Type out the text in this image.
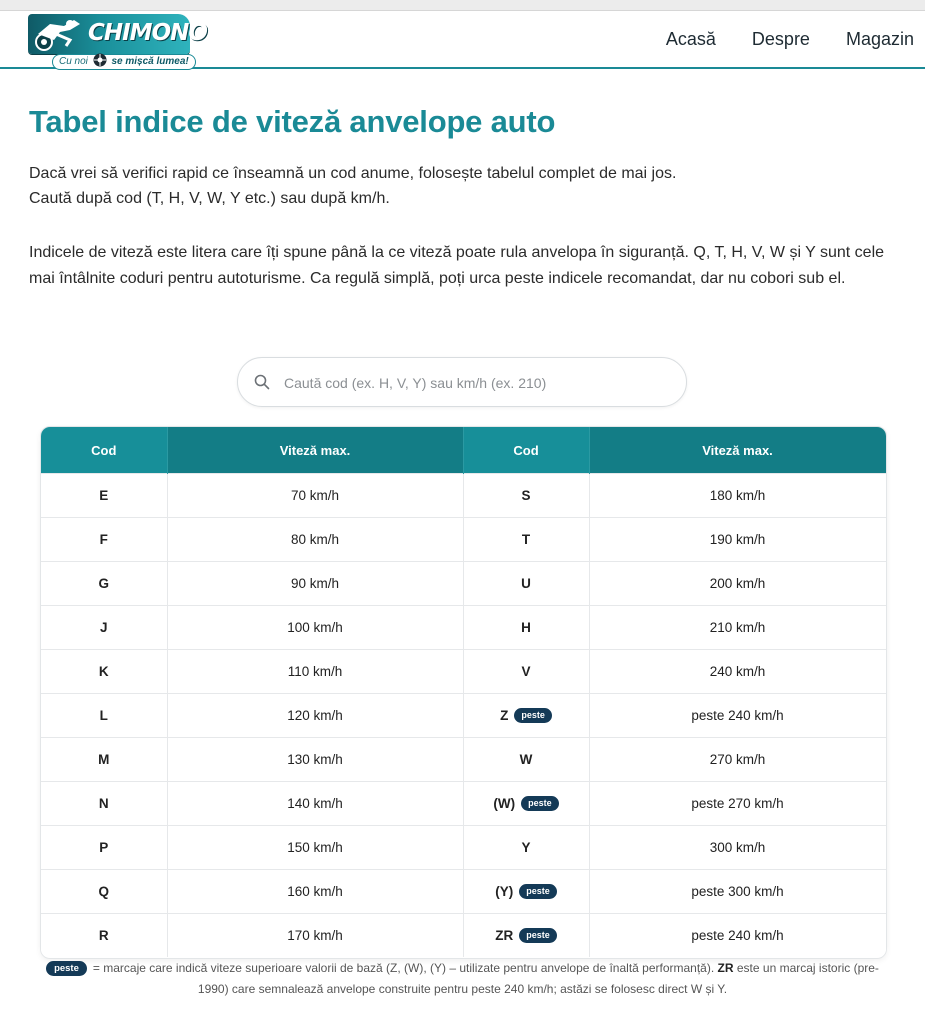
CHIMONO
Cu noi se mișcă lumea!
Acasă Despre Magazin
Tabel indice de viteză anvelope auto

Dacă vrei să verifici rapid ce înseamnă un cod anume, folosește tabelul complet de mai jos.

Caută după cod (T, H, V, W, Y etc.) sau după km/h.

Indicele de viteză este litera care îți spune până la ce viteză poate rula anvelopa în siguranță. Q, T, H, V, W și Y sunt cele mai întâlnite coduri pentru autoturisme. Ca regulă simplă, poți urca peste indicele recomandat, dar nu cobori sub el.

Caută cod (ex. H, V, Y) sau km/h (ex. 210)
Cod	Viteză max.	Cod	Viteză max.
E	70 km/h	S	180 km/h
F	80 km/h	T	190 km/h
G	90 km/h	U	200 km/h
J	100 km/h	H	210 km/h
K	110 km/h	V	240 km/h
L	120 km/h	Z peste	peste 240 km/h
M	130 km/h	W	270 km/h
N	140 km/h	(W) peste	peste 270 km/h
P	150 km/h	Y	300 km/h
Q	160 km/h	(Y) peste	peste 300 km/h
R	170 km/h	ZR peste	peste 240 km/h
peste = marcaje care indică viteze superioare valorii de bază (Z, (W), (Y) – utilizate pentru anvelope de înaltă performanță). ZR este un marcaj istoric (pre-1990) care semnalează anvelope construite pentru peste 240 km/h; astăzi se folosesc direct W și Y.
